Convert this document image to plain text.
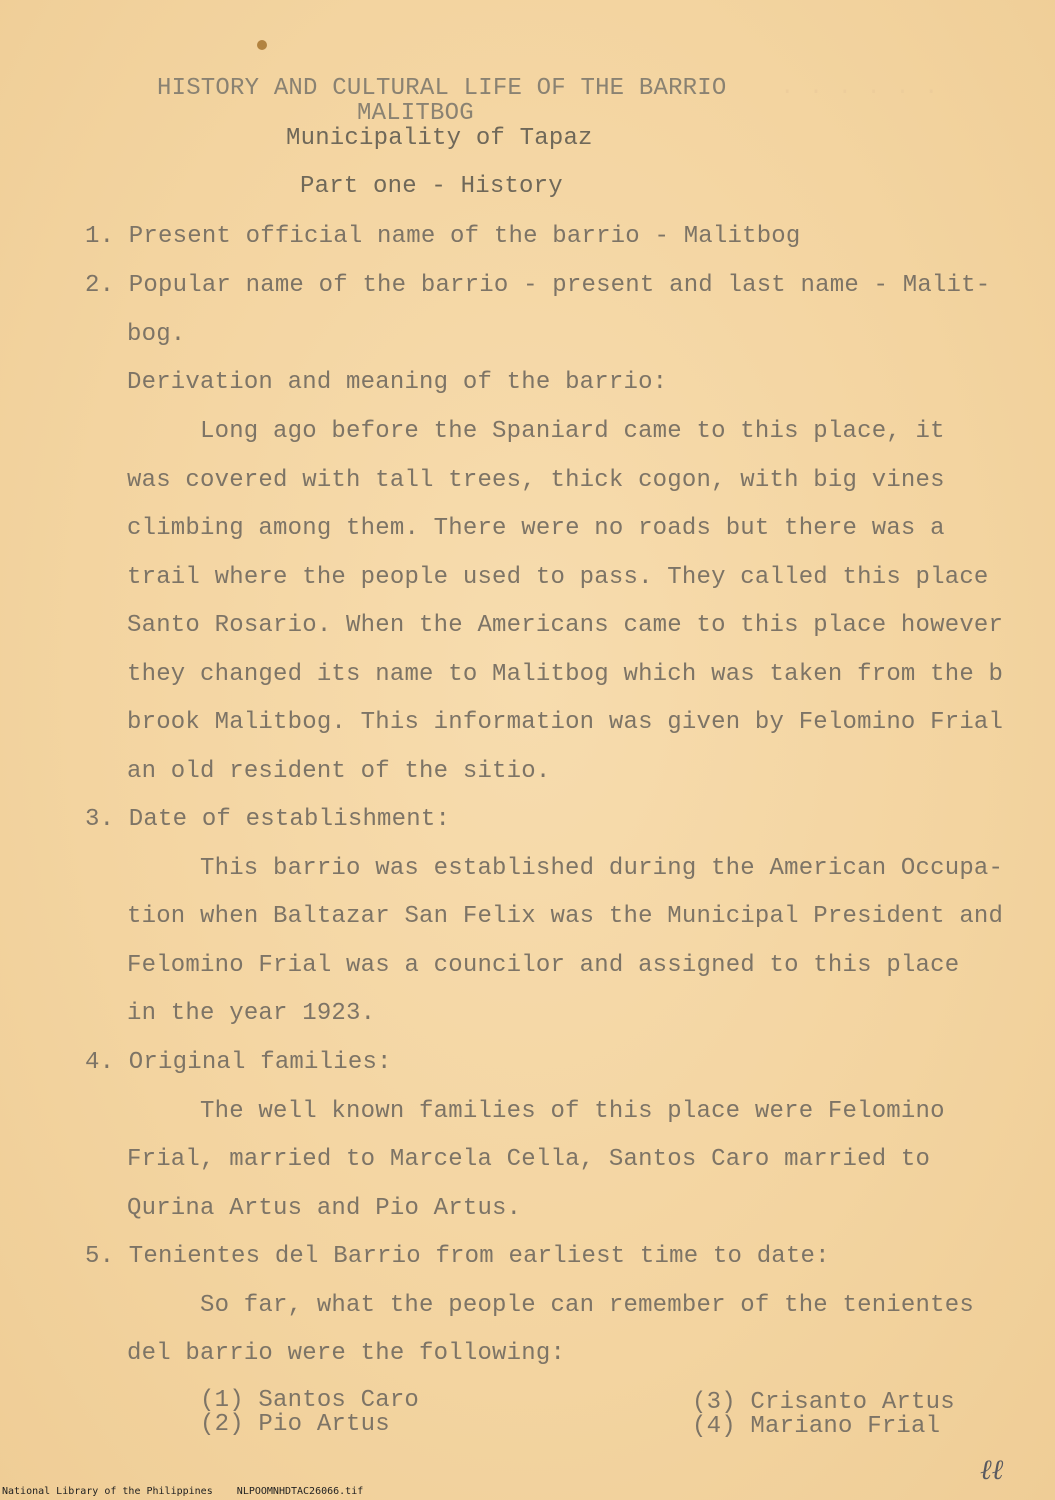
. . . . . .
HISTORY AND CULTURAL LIFE OF THE BARRIO
MALITBOG
Municipality of Tapaz
Part one - History
1. Present official name of the barrio - Malitbog
2. Popular name of the barrio - present and last name - Malit-
bog.
Derivation and meaning of the barrio:
Long ago before the Spaniard came to this place, it
was covered with tall trees, thick cogon, with big vines
climbing among them. There were no roads but there was a
trail where the people used to pass. They called this place
Santo Rosario. When the Americans came to this place however
they changed its name to Malitbog which was taken from the b
brook Malitbog. This information was given by Felomino Frial
an old resident of the sitio.
3. Date of establishment:
This barrio was established during the American Occupa-
tion when Baltazar San Felix was the Municipal President and
Felomino Frial was a councilor and assigned to this place
in the year 1923.
4. Original families:
The well known families of this place were Felomino
Frial, married to Marcela Cella, Santos Caro married to
Qurina Artus and Pio Artus.
5. Tenientes del Barrio from earliest time to date:
So far, what the people can remember of the tenientes
del barrio were the following:
(1) Santos Caro
(2) Pio Artus
(3) Crisanto Artus
(4) Mariano Frial
ℓℓ
National Library of the Philippines    NLPOOMNHDTAC26066.tif
